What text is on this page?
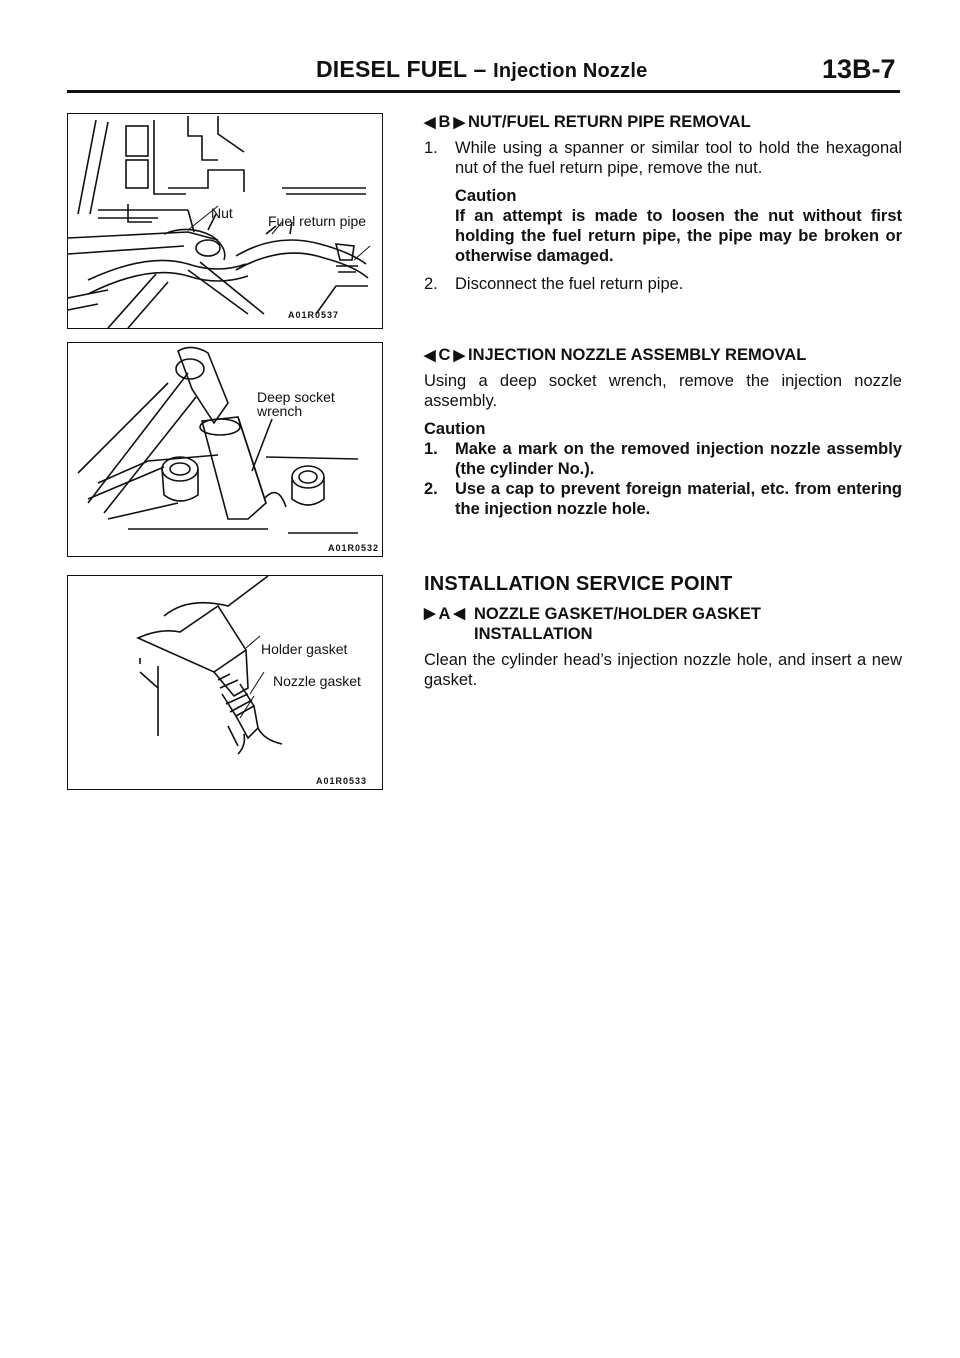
DIESEL FUEL – Injection Nozzle	13B-7
Nut	Fuel return pipe
A01R0537
Deep socket
wrench
A01R0532
Holder gasket
Nozzle gasket
A01R0533
◀ B ▶ NUT/FUEL RETURN PIPE REMOVAL
1.	While using a spanner or similar tool to hold the hexagonal nut of the fuel return pipe, remove the nut.
Caution
If an attempt is made to loosen the nut without first holding the fuel return pipe, the pipe may be broken or otherwise damaged.
2.	Disconnect the fuel return pipe.
◀ C ▶ INJECTION NOZZLE ASSEMBLY REMOVAL

Using a deep socket wrench, remove the injection nozzle assembly.

Caution
1.	Make a mark on the removed injection nozzle assembly (the cylinder No.).
2.	Use a cap to prevent foreign material, etc. from entering the injection nozzle hole.
INSTALLATION SERVICE POINT
▶ A ◀ NOZZLE GASKET/HOLDER GASKET
INSTALLATION

Clean the cylinder head’s injection nozzle hole, and insert a new gasket.
